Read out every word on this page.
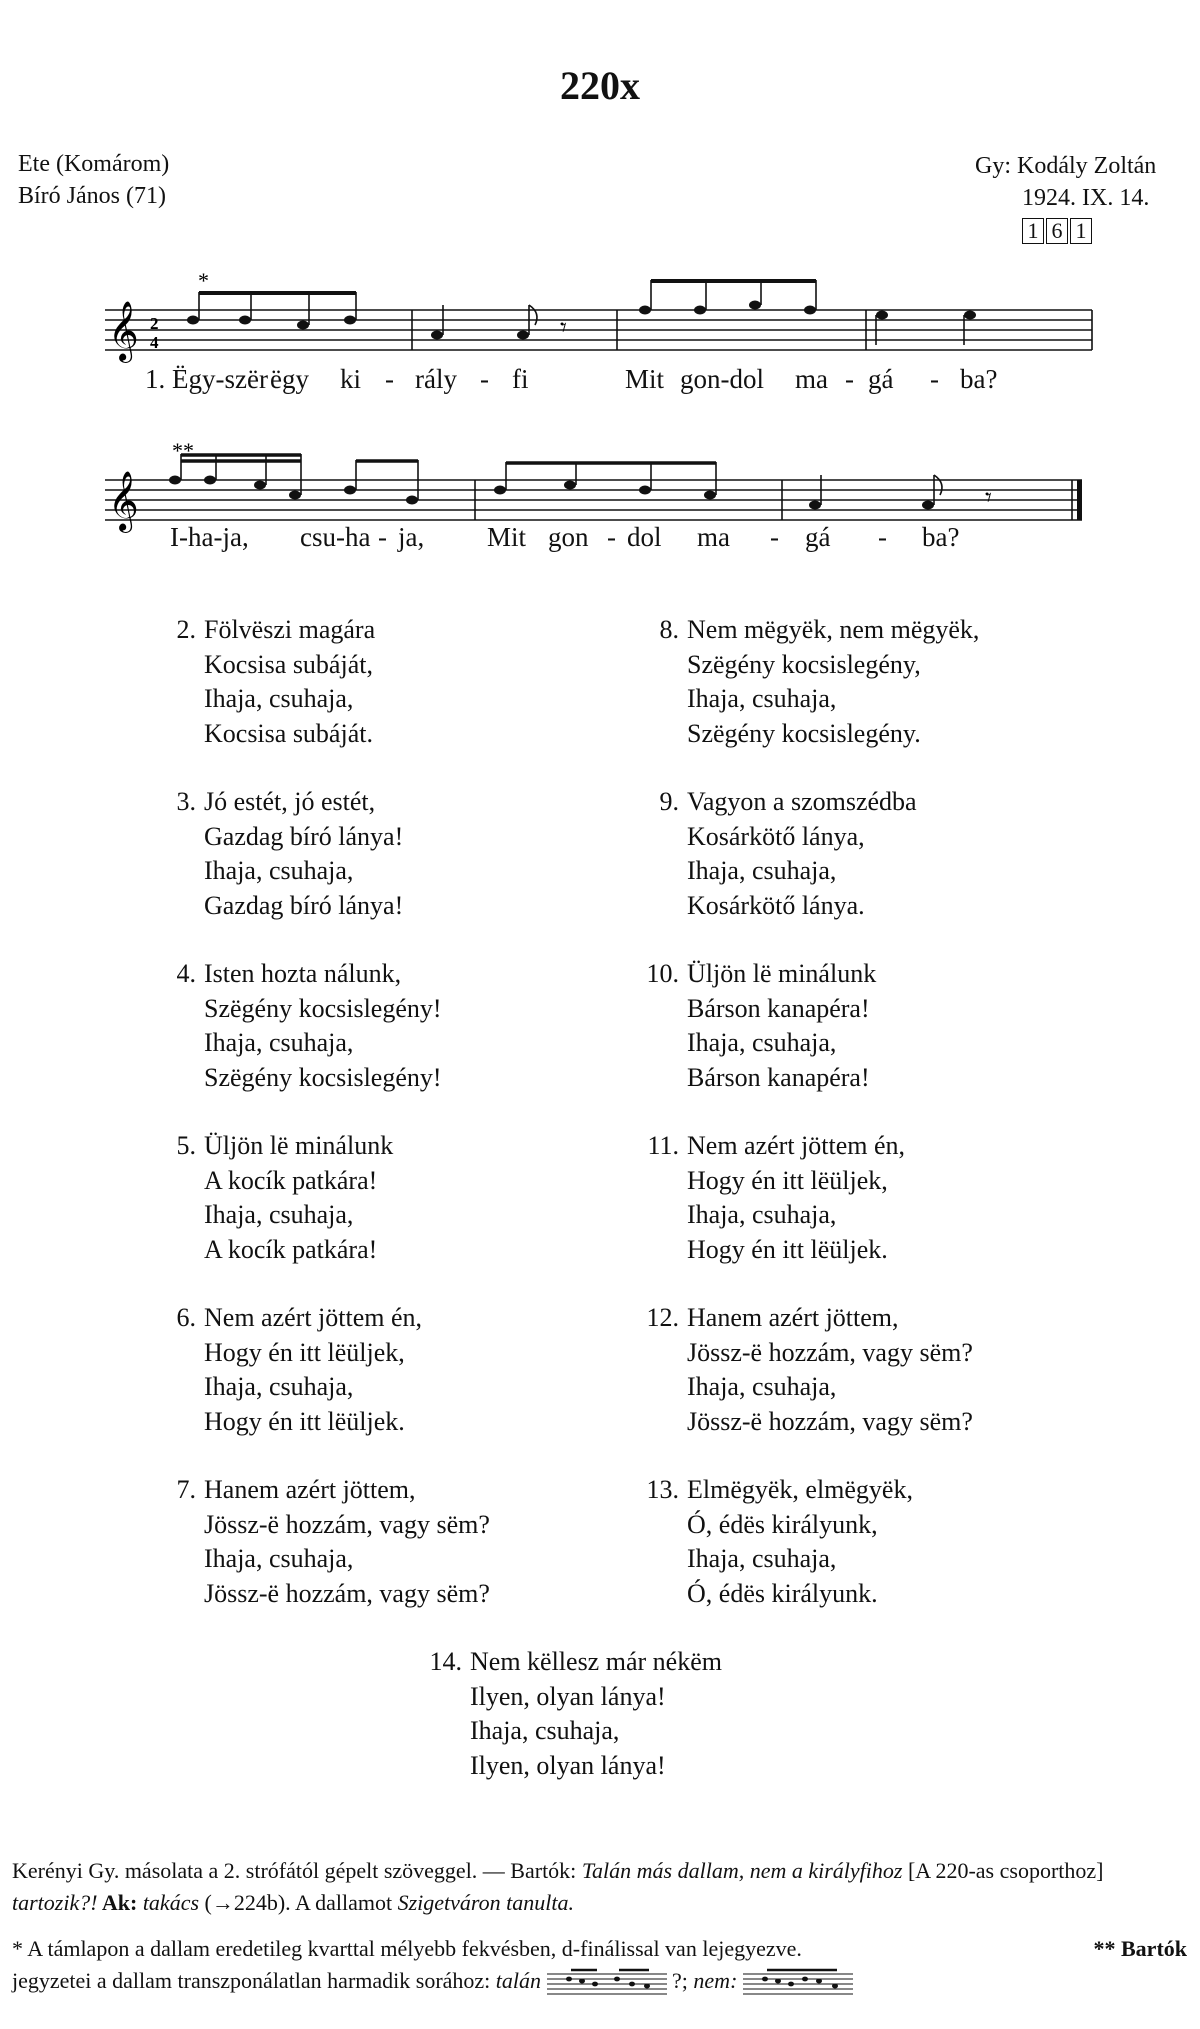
220x
Ete (Komárom)
Bíró János (71)
Gy: Kodály Zoltán
1924. IX. 14.
1 6 1
*
𝄞 2
4	𝄾
1. Ëgy-szër ëgy ki - rály - fi	Mit gon-dol ma - gá - ba?
**
𝄞	𝄾
I-ha-ja, csu-ha - ja, Mit gon - dol ma - gá - ba?
2. Fölvëszi magára
Kocsisa subáját,
Ihaja, csuhaja,
Kocsisa subáját.
3. Jó estét, jó estét,
Gazdag bíró lánya!
Ihaja, csuhaja,
Gazdag bíró lánya!
4. Isten hozta nálunk,
Szëgény kocsislegény!
Ihaja, csuhaja,
Szëgény kocsislegény!
5. Üljön lë minálunk
A kocík patkára!
Ihaja, csuhaja,
A kocík patkára!
6. Nem azért jöttem én,
Hogy én itt lëüljek,
Ihaja, csuhaja,
Hogy én itt lëüljek.
7. Hanem azért jöttem,
Jössz-ë hozzám, vagy sëm?
Ihaja, csuhaja,
Jössz-ë hozzám, vagy sëm?
8. Nem mëgyëk, nem mëgyëk,
Szëgény kocsislegény,
Ihaja, csuhaja,
Szëgény kocsislegény.
9. Vagyon a szomszédba
Kosárkötő lánya,
Ihaja, csuhaja,
Kosárkötő lánya.
10. Üljön lë minálunk
Bárson kanapéra!
Ihaja, csuhaja,
Bárson kanapéra!
11. Nem azért jöttem én,
Hogy én itt lëüljek,
Ihaja, csuhaja,
Hogy én itt lëüljek.
12. Hanem azért jöttem,
Jössz-ë hozzám, vagy sëm?
Ihaja, csuhaja,
Jössz-ë hozzám, vagy sëm?
13. Elmëgyëk, elmëgyëk,
Ó, édës királyunk,
Ihaja, csuhaja,
Ó, édës királyunk.
14. Nem këllesz már nékëm
Ilyen, olyan lánya!
Ihaja, csuhaja,
Ilyen, olyan lánya!
Kerényi Gy. másolata a 2. strófától gépelt szöveggel. — Bartók: Talán más dallam, nem a királyfihoz [A 220-as csoporthoz] tartozik?! Ak: takács (→224b). A dallamot Szigetváron tanulta.
* A támlapon a dallam eredetileg kvarttal mélyebb fekvésben, d-finálissal van lejegyezve.	** Bartók
jegyzetei a dallam transzponálatlan harmadik sorához: talán	?; nem:
